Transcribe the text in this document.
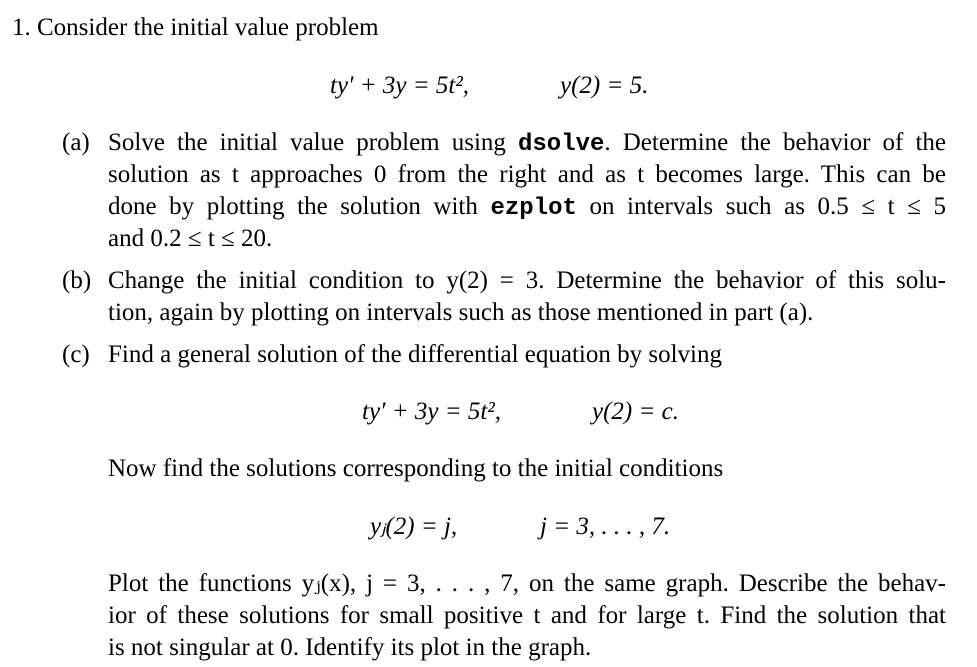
1. Consider the initial value problem
ty′ + 3y = 5t²,	y(2) = 5.
(a) Solve the initial value problem using dsolve. Determine the behavior of the
solution as t approaches 0 from the right and as t becomes large. This can be
done by plotting the solution with ezplot on intervals such as 0.5 ≤ t ≤ 5
and 0.2 ≤ t ≤ 20.
(b) Change the initial condition to y(2) = 3. Determine the behavior of this solu-
tion, again by plotting on intervals such as those mentioned in part (a).
(c) Find a general solution of the differential equation by solving
ty′ + 3y = 5t²,	y(2) = c.
Now find the solutions corresponding to the initial conditions
yⱼ(2) = j,	j = 3, . . . , 7.
Plot the functions yⱼ(x), j = 3, . . . , 7, on the same graph. Describe the behav-
ior of these solutions for small positive t and for large t. Find the solution that
is not singular at 0. Identify its plot in the graph.
